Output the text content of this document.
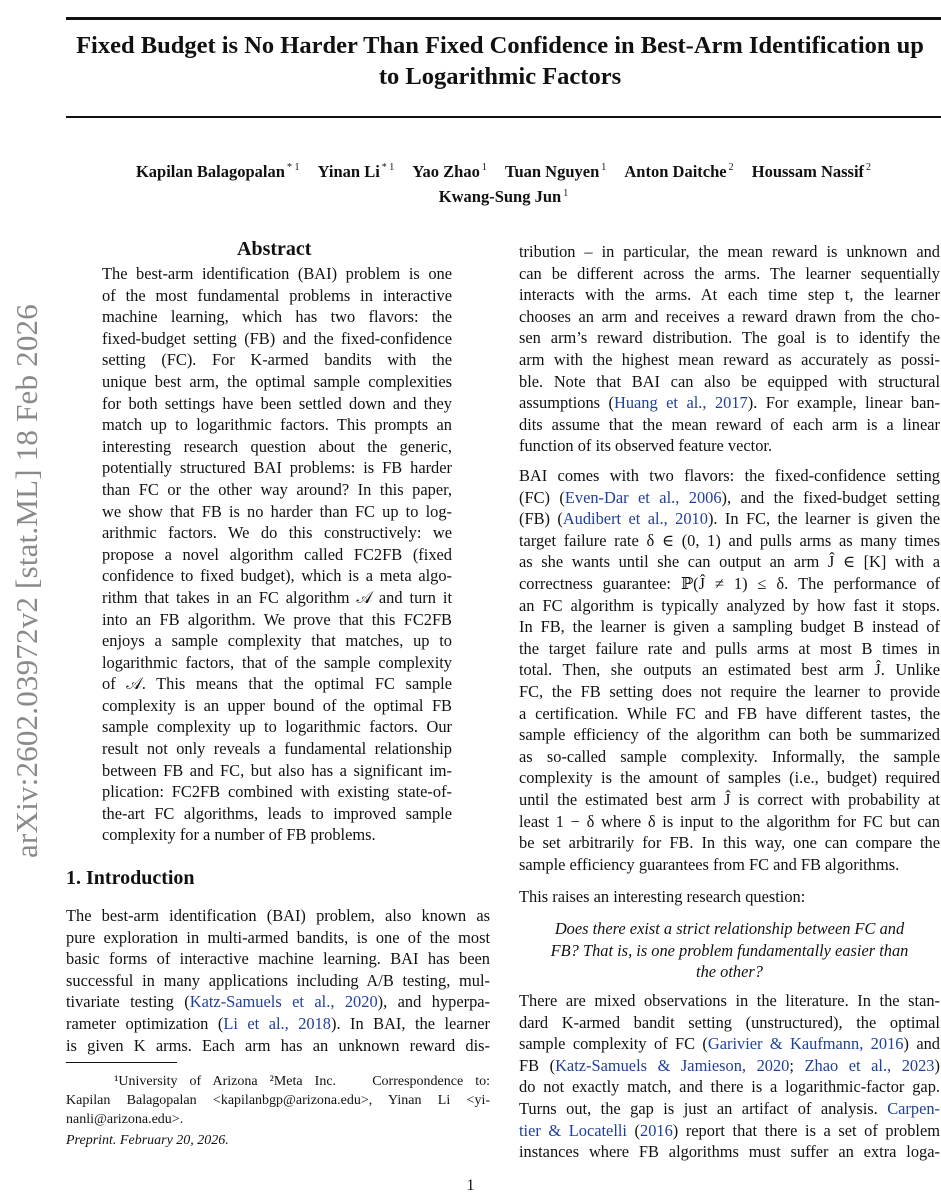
Fixed Budget is No Harder Than Fixed Confidence in Best-Arm Identification up
to Logarithmic Factors
Kapilan Balagopalan $^{* 1}$ Yinan Li $^{* 1}$ Yao Zhao $^1$ Tuan Nguyen $^1$ Anton Daitche $^2$ Houssam Nassif $^2$
Kwang-Sung Jun $^1$
arXiv:2602.03972v2 [stat.ML] 18 Feb 2026
Abstract
The best-arm identification (BAI) problem is one
of the most fundamental problems in interactive
machine learning, which has two flavors: the
fixed-budget setting (FB) and the fixed-confidence
setting (FC). For K-armed bandits with the
unique best arm, the optimal sample complexities
for both settings have been settled down and they
match up to logarithmic factors. This prompts an
interesting research question about the generic,
potentially structured BAI problems: is FB harder
than FC or the other way around? In this paper,
we show that FB is no harder than FC up to log-
arithmic factors. We do this constructively: we
propose a novel algorithm called FC2FB (fixed
confidence to fixed budget), which is a meta algo-
rithm that takes in an FC algorithm 𝒜 and turn it
into an FB algorithm. We prove that this FC2FB
enjoys a sample complexity that matches, up to
logarithmic factors, that of the sample complexity
of 𝒜. This means that the optimal FC sample
complexity is an upper bound of the optimal FB
sample complexity up to logarithmic factors. Our
result not only reveals a fundamental relationship
between FB and FC, but also has a significant im-
plication: FC2FB combined with existing state-of-
the-art FC algorithms, leads to improved sample
complexity for a number of FB problems.
1. Introduction
The best-arm identification (BAI) problem, also known as
pure exploration in multi-armed bandits, is one of the most
basic forms of interactive machine learning. BAI has been
successful in many applications including A/B testing, mul-
tivariate testing (Katz-Samuels et al., 2020), and hyperpa-
rameter optimization (Li et al., 2018). In BAI, the learner
is given K arms. Each arm has an unknown reward dis-
¹University of Arizona ²Meta Inc.   Correspondence to:
Kapilan Balagopalan <kapilanbgp@arizona.edu>, Yinan Li <yi-
nanli@arizona.edu>.
Preprint. February 20, 2026.
tribution – in particular, the mean reward is unknown and
can be different across the arms. The learner sequentially
interacts with the arms. At each time step t, the learner
chooses an arm and receives a reward drawn from the cho-
sen arm’s reward distribution. The goal is to identify the
arm with the highest mean reward as accurately as possi-
ble. Note that BAI can also be equipped with structural
assumptions (Huang et al., 2017). For example, linear ban-
dits assume that the mean reward of each arm is a linear
function of its observed feature vector.
BAI comes with two flavors: the fixed-confidence setting
(FC) (Even-Dar et al., 2006), and the fixed-budget setting
(FB) (Audibert et al., 2010). In FC, the learner is given the
target failure rate δ ∈ (0, 1) and pulls arms as many times
as she wants until she can output an arm Ĵ ∈ [K] with a
correctness guarantee: ℙ(Ĵ ≠ 1) ≤ δ. The performance of
an FC algorithm is typically analyzed by how fast it stops.
In FB, the learner is given a sampling budget B instead of
the target failure rate and pulls arms at most B times in
total. Then, she outputs an estimated best arm Ĵ. Unlike
FC, the FB setting does not require the learner to provide
a certification. While FC and FB have different tastes, the
sample efficiency of the algorithm can both be summarized
as so-called sample complexity. Informally, the sample
complexity is the amount of samples (i.e., budget) required
until the estimated best arm Ĵ is correct with probability at
least 1 − δ where δ is input to the algorithm for FC but can
be set arbitrarily for FB. In this way, one can compare the
sample efficiency guarantees from FC and FB algorithms.
This raises an interesting research question:
Does there exist a strict relationship between FC and
FB? That is, is one problem fundamentally easier than
the other?
There are mixed observations in the literature. In the stan-
dard K-armed bandit setting (unstructured), the optimal
sample complexity of FC (Garivier & Kaufmann, 2016) and
FB (Katz-Samuels & Jamieson, 2020; Zhao et al., 2023)
do not exactly match, and there is a logarithmic-factor gap.
Turns out, the gap is just an artifact of analysis. Carpen-
tier & Locatelli (2016) report that there is a set of problem
instances where FB algorithms must suffer an extra loga-
1
